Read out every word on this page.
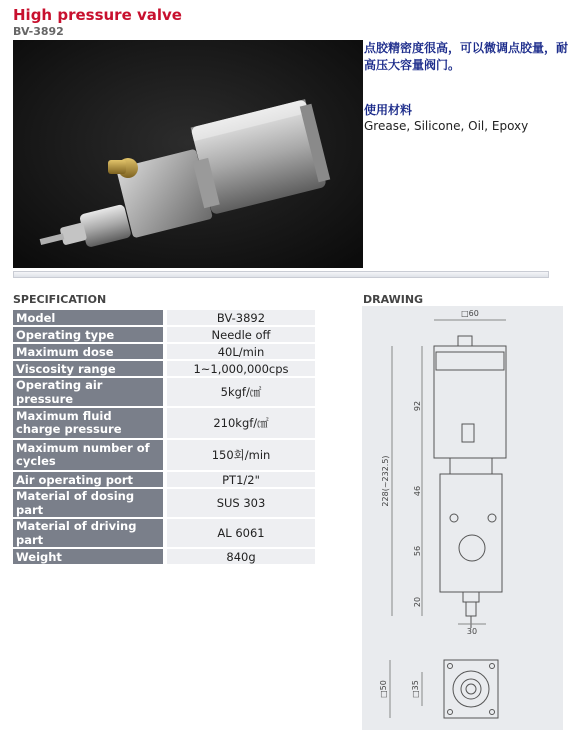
High pressure valve
BV-3892
点胶精密度很高，可以微调点胶量，耐高压大容量阀门。
使用材料
Grease, Silicone, Oil, Epoxy
SPECIFICATION	DRAWING
Model	BV-3892
Operating type	Needle off
Maximum dose	40L/min
Viscosity range	1~1,000,000cps
Operating air pressure	5kgf/㎠
Maximum fluid charge pressure	210kgf/㎠
Maximum number of cycles	150회/min
Air operating port	PT1/2"
Material of dosing part	SUS 303
Material of driving part	AL 6061
Weight	840g
□60
92
228(~232.5)	46
56
20
30
□50	□35
